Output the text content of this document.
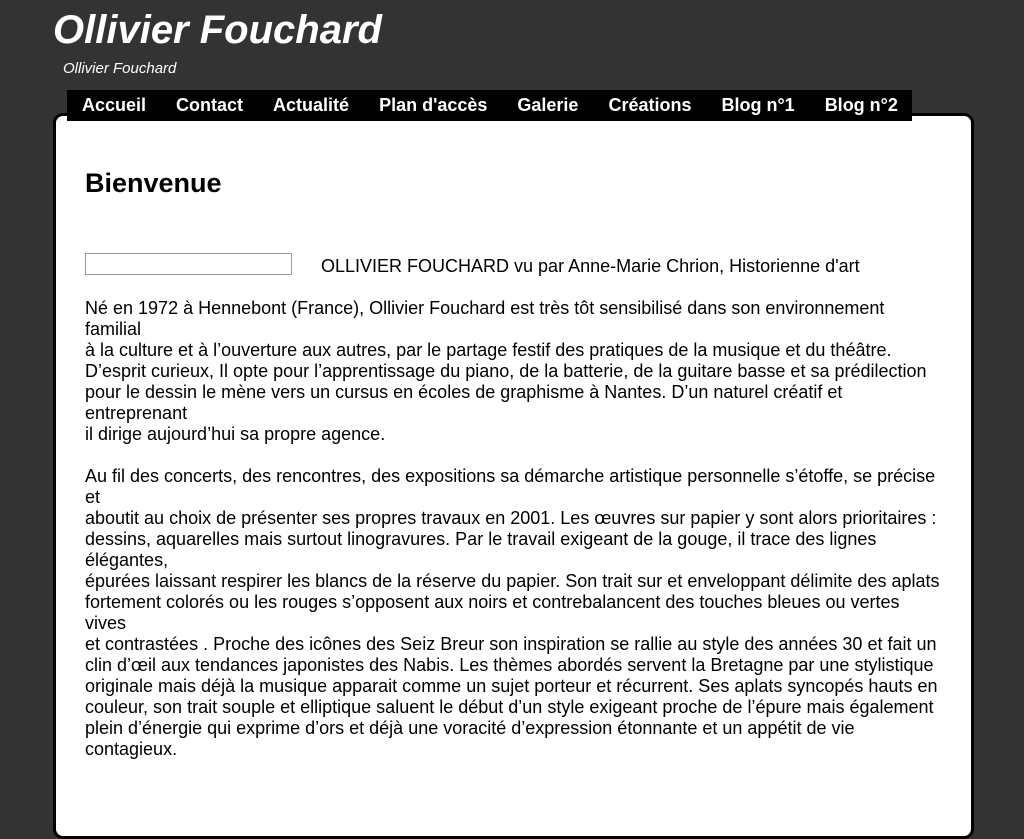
Ollivier Fouchard
Ollivier Fouchard
Accueil Contact Actualité Plan d'accès Galerie Créations Blog n°1 Blog n°2
Bienvenue
OLLIVIER FOUCHARD vu par Anne-Marie Chrion, Historienne d'art
Né en 1972 à Hennebont (France), Ollivier Fouchard est très tôt sensibilisé dans son environnement familial
à la culture et à l’ouverture aux autres, par le partage festif des pratiques de la musique et du théâtre.
D’esprit curieux, Il opte pour l’apprentissage du piano, de la batterie, de la guitare basse et sa prédilection
pour le dessin le mène vers un cursus en écoles de graphisme à Nantes. D’un naturel créatif et entreprenant
il dirige aujourd’hui sa propre agence.
Au fil des concerts, des rencontres, des expositions sa démarche artistique personnelle s’étoffe, se précise et
aboutit au choix de présenter ses propres travaux en 2001. Les œuvres sur papier y sont alors prioritaires :
dessins, aquarelles mais surtout linogravures. Par le travail exigeant de la gouge, il trace des lignes élégantes,
épurées laissant respirer les blancs de la réserve du papier. Son trait sur et enveloppant délimite des aplats
fortement colorés ou les rouges s’opposent aux noirs et contrebalancent des touches bleues ou vertes vives
et contrastées . Proche des icônes des Seiz Breur son inspiration se rallie au style des années 30 et fait un
clin d’œil aux tendances japonistes des Nabis. Les thèmes abordés servent la Bretagne par une stylistique
originale mais déjà la musique apparait comme un sujet porteur et récurrent. Ses aplats syncopés hauts en
couleur, son trait souple et elliptique saluent le début d’un style exigeant proche de l’épure mais également
plein d’énergie qui exprime d’ors et déjà une voracité d’expression étonnante et un appétit de vie contagieux.
